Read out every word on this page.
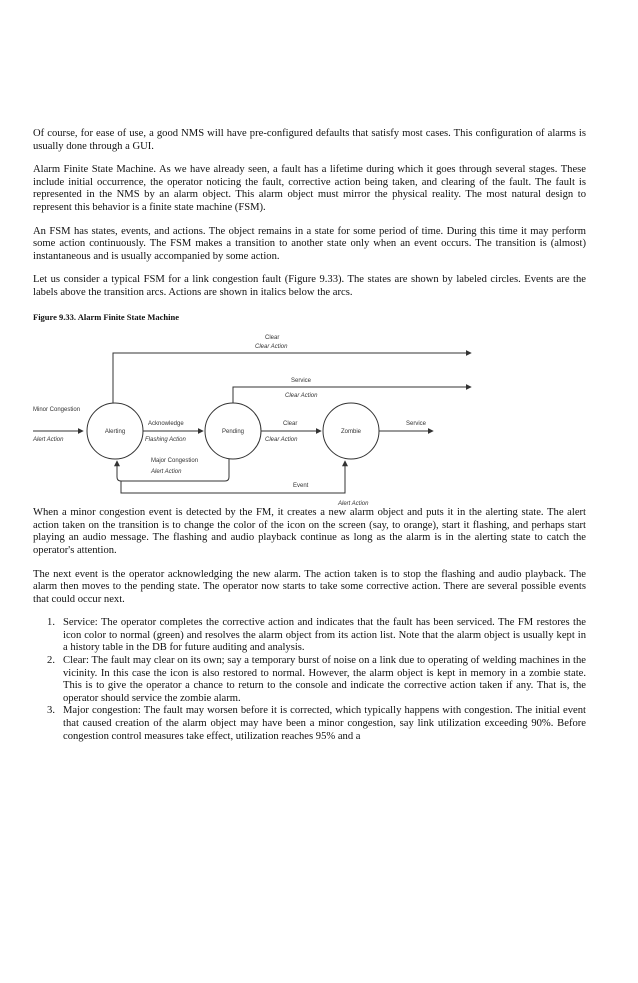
Of course, for ease of use, a good NMS will have pre-configured defaults that satisfy most cases. This configuration of alarms is usually done through a GUI.

Alarm Finite State Machine. As we have already seen, a fault has a lifetime during which it goes through several stages. These include initial occurrence, the operator noticing the fault, corrective action being taken, and clearing of the fault. The fault is represented in the NMS by an alarm object. This alarm object must mirror the physical reality. The most natural design to represent this behavior is a finite state machine (FSM).

An FSM has states, events, and actions. The object remains in a state for some period of time. During this time it may perform some action continuously. The FSM makes a transition to another state only when an event occurs. The transition is (almost) instantaneous and is usually accompanied by some action.

Let us consider a typical FSM for a link congestion fault (Figure 9.33). The states are shown by labeled circles. Events are the labels above the transition arcs. Actions are shown in italics below the arcs.

Figure 9.33. Alarm Finite State Machine
Clear
Clear Action
Service
Clear Action
Minor Congestion
Alert Action
Alerting	Pending	Zombie
Acknowledge
Flashing Action
Clear
Clear Action
Service
Major Congestion
Alert Action
Event
Alert Action

When a minor congestion event is detected by the FM, it creates a new alarm object and puts it in the alerting state. The alert action taken on the transition is to change the color of the icon on the screen (say, to orange), start it flashing, and perhaps start playing an audio message. The flashing and audio playback continue as long as the alarm is in the alerting state to catch the operator's attention.

The next event is the operator acknowledging the new alarm. The action taken is to stop the flashing and audio playback. The alarm then moves to the pending state. The operator now starts to take some corrective action. There are several possible events that could occur next.

1. Service: The operator completes the corrective action and indicates that the fault has been serviced. The FM restores the icon color to normal (green) and resolves the alarm object from its action list. Note that the alarm object is usually kept in a history table in the DB for future auditing and analysis.
2. Clear: The fault may clear on its own; say a temporary burst of noise on a link due to operating of welding machines in the vicinity. In this case the icon is also restored to normal. However, the alarm object is kept in memory in a zombie state. This is to give the operator a chance to return to the console and indicate the corrective action taken if any. That is, the operator should service the zombie alarm.
3. Major congestion: The fault may worsen before it is corrected, which typically happens with congestion. The initial event that caused creation of the alarm object may have been a minor congestion, say link utilization exceeding 90%. Before congestion control measures take effect, utilization reaches 95% and a
